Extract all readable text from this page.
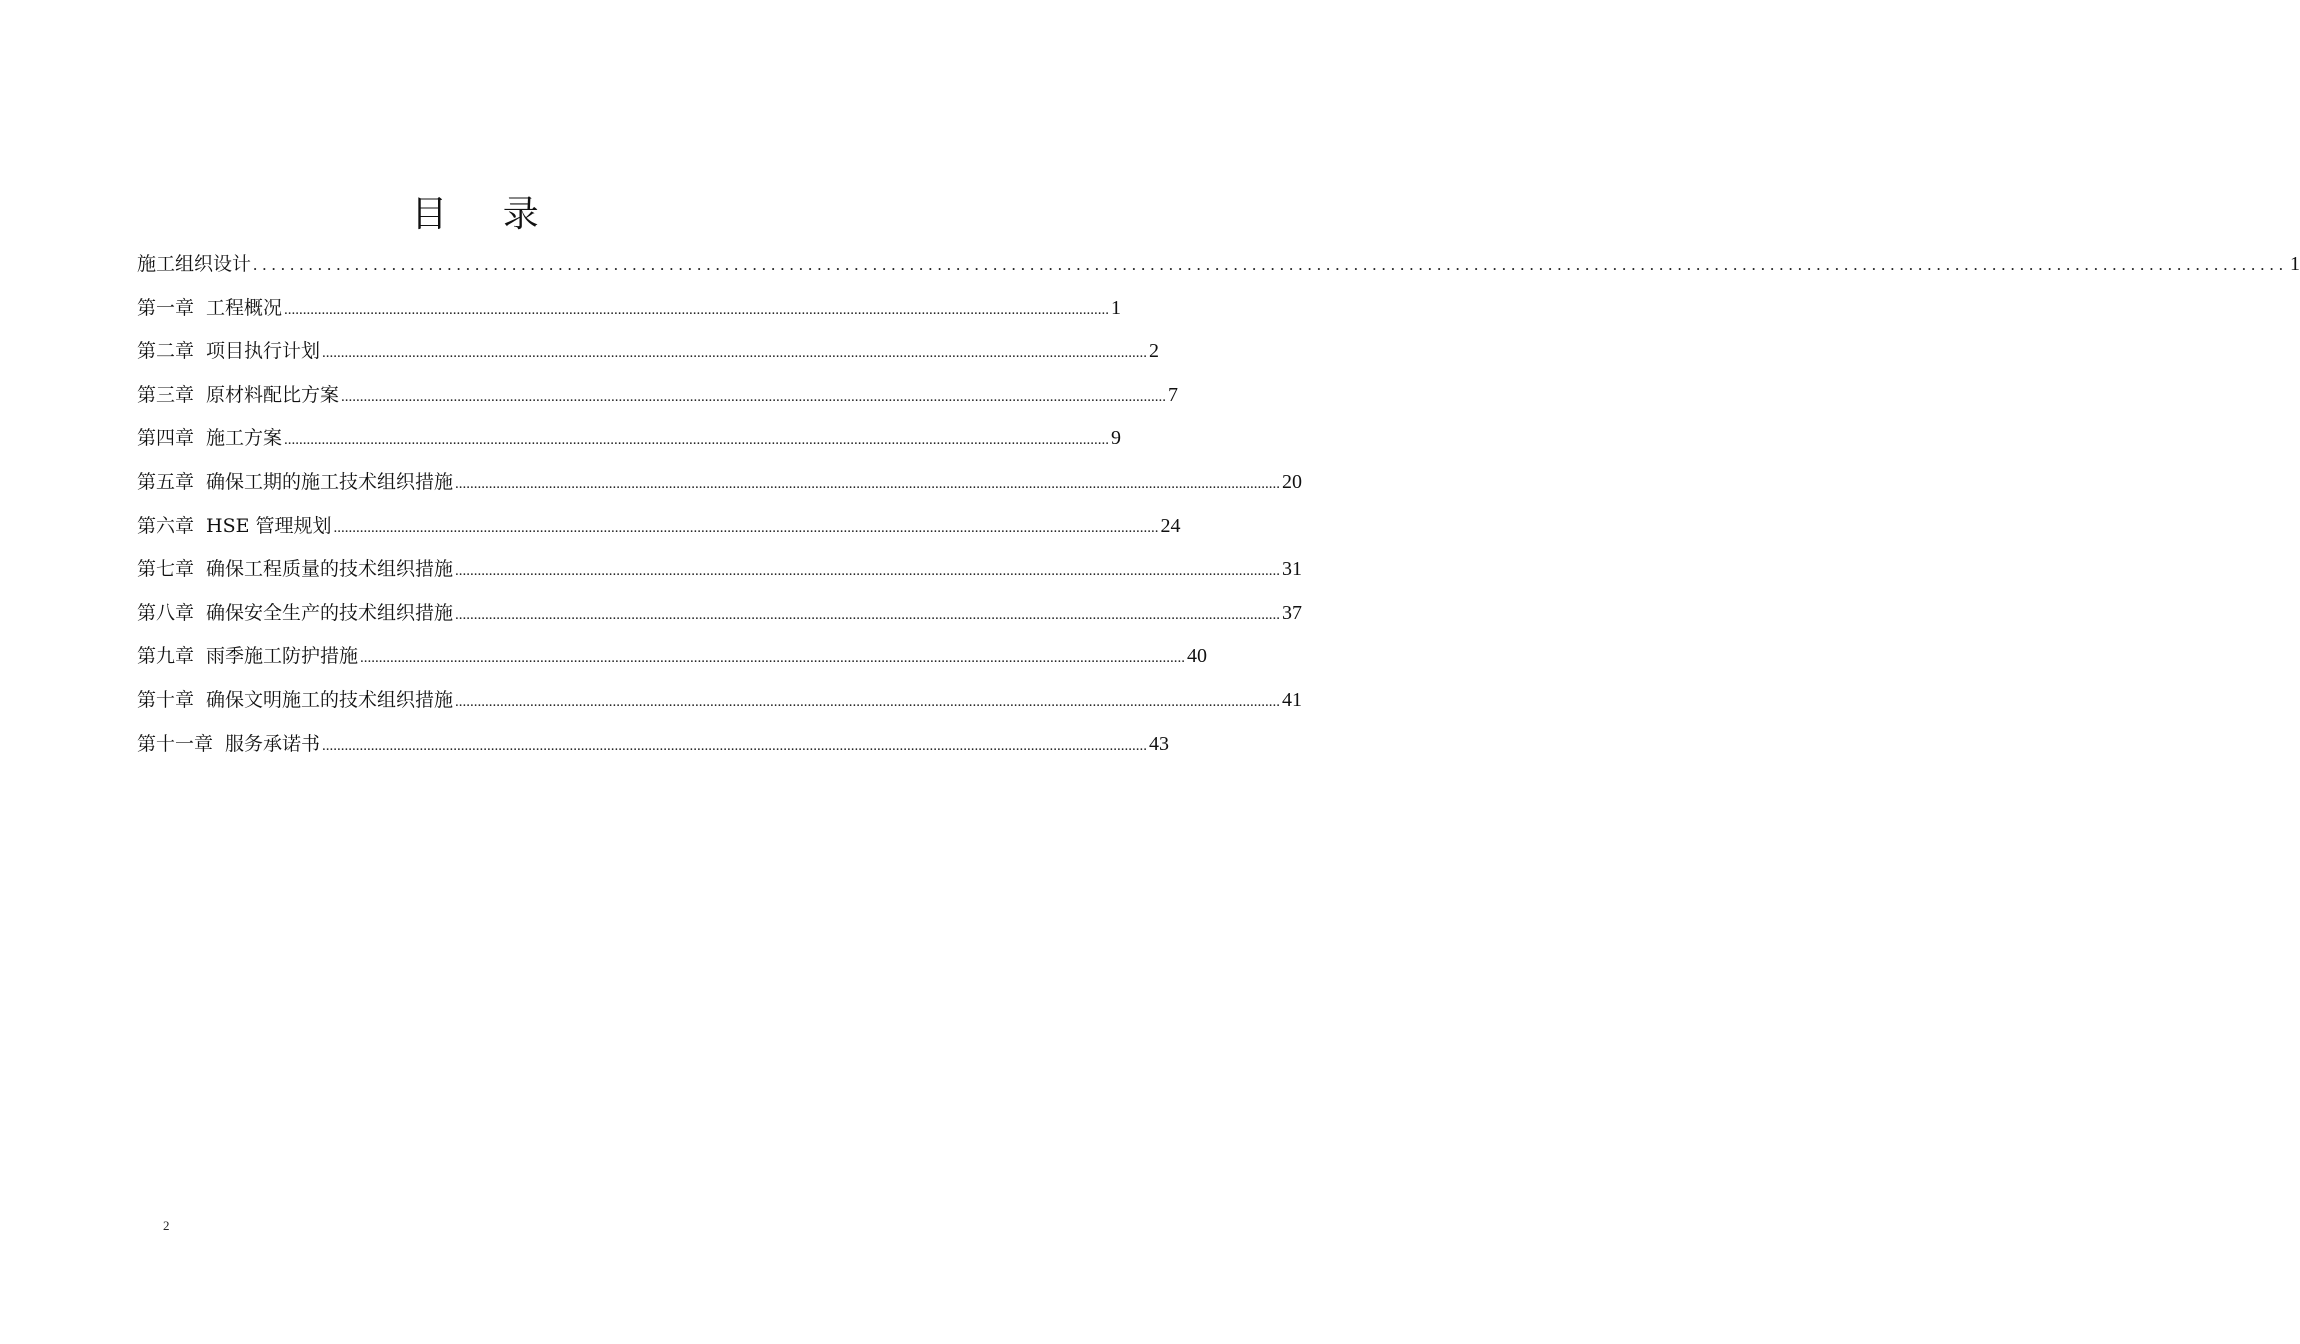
目 录
施工组织设计 ............................................................................................................................................................................................................................ 1
第一章 工程概况 ............................................................................................................................................................................................................................ 1
第二章 项目执行计划 ............................................................................................................................................................................................................................ 2
第三章 原材料配比方案 ............................................................................................................................................................................................................................ 7
第四章 施工方案 ............................................................................................................................................................................................................................ 9
第五章 确保工期的施工技术组织措施 ............................................................................................................................................................................................................................ 20
第六章 HSE 管理规划 ............................................................................................................................................................................................................................ 24
第七章 确保工程质量的技术组织措施 ............................................................................................................................................................................................................................ 31
第八章 确保安全生产的技术组织措施 ............................................................................................................................................................................................................................ 37
第九章 雨季施工防护措施 ............................................................................................................................................................................................................................ 40
第十章 确保文明施工的技术组织措施 ............................................................................................................................................................................................................................ 41
第十一章 服务承诺书 ............................................................................................................................................................................................................................ 43
2
